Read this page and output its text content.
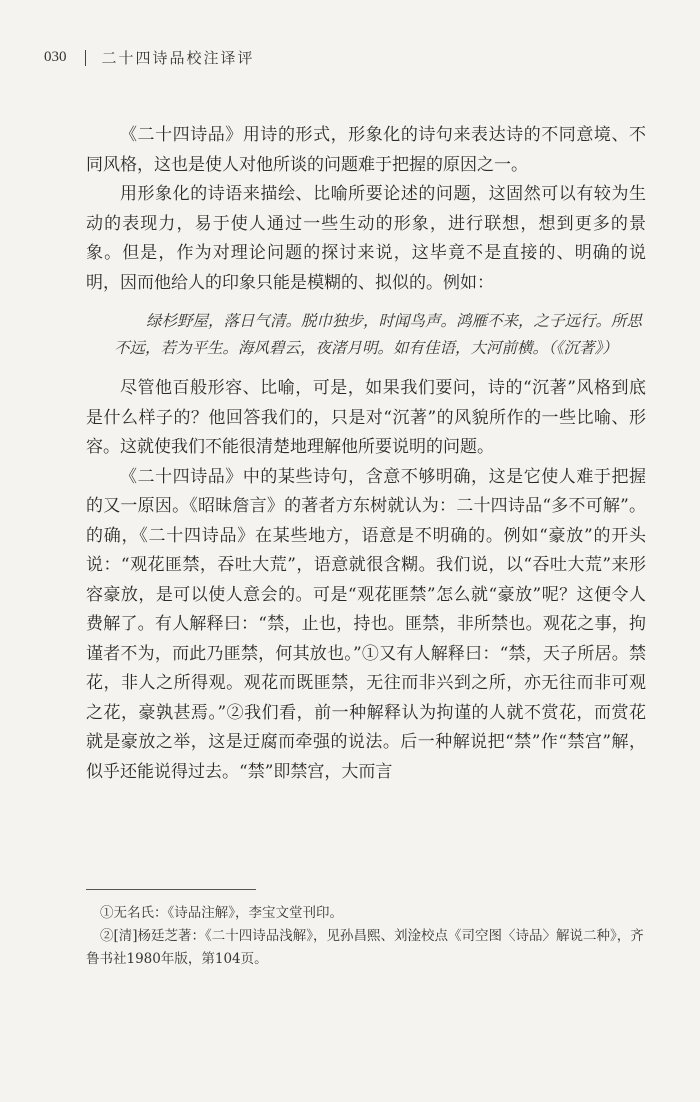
030 二十四诗品校注译评

《二十四诗品》用诗的形式，形象化的诗句来表达诗的不同意境、不同风格，这也是使人对他所谈的问题难于把握的原因之一。

用形象化的诗语来描绘、比喻所要论述的问题，这固然可以有较为生动的表现力，易于使人通过一些生动的形象，进行联想，想到更多的景象。但是，作为对理论问题的探讨来说，这毕竟不是直接的、明确的说明，因而他给人的印象只能是模糊的、拟似的。例如：

绿杉野屋，落日气清。脱巾独步，时闻鸟声。鸿雁不来，之子远行。所思不远，若为平生。海风碧云，夜渚月明。如有佳语，大河前横。（《沉著》）

尽管他百般形容、比喻，可是，如果我们要问，诗的“沉著”风格到底是什么样子的？他回答我们的，只是对“沉著”的风貌所作的一些比喻、形容。这就使我们不能很清楚地理解他所要说明的问题。

《二十四诗品》中的某些诗句，含意不够明确，这是它使人难于把握的又一原因。《昭昧詹言》的著者方东树就认为：二十四诗品“多不可解”。的确，《二十四诗品》在某些地方，语意是不明确的。例如“豪放”的开头说：“观花匪禁，吞吐大荒”，语意就很含糊。我们说，以“吞吐大荒”来形容豪放，是可以使人意会的。可是“观花匪禁”怎么就“豪放”呢？这便令人费解了。有人解释曰：“禁，止也，持也。匪禁，非所禁也。观花之事，拘谨者不为，而此乃匪禁，何其放也。”①又有人解释曰：“禁，天子所居。禁花，非人之所得观。观花而既匪禁，无往而非兴到之所，亦无往而非可观之花，豪孰甚焉。”②我们看，前一种解释认为拘谨的人就不赏花，而赏花就是豪放之举，这是迂腐而牵强的说法。后一种解说把“禁”作“禁宫”解，似乎还能说得过去。“禁”即禁宫，大而言

①无名氏：《诗品注解》，李宝文堂刊印。

②[清]杨廷芝著：《二十四诗品浅解》，见孙昌熙、刘淦校点《司空图〈诗品〉解说二种》，齐鲁书社1980年版，第104页。
